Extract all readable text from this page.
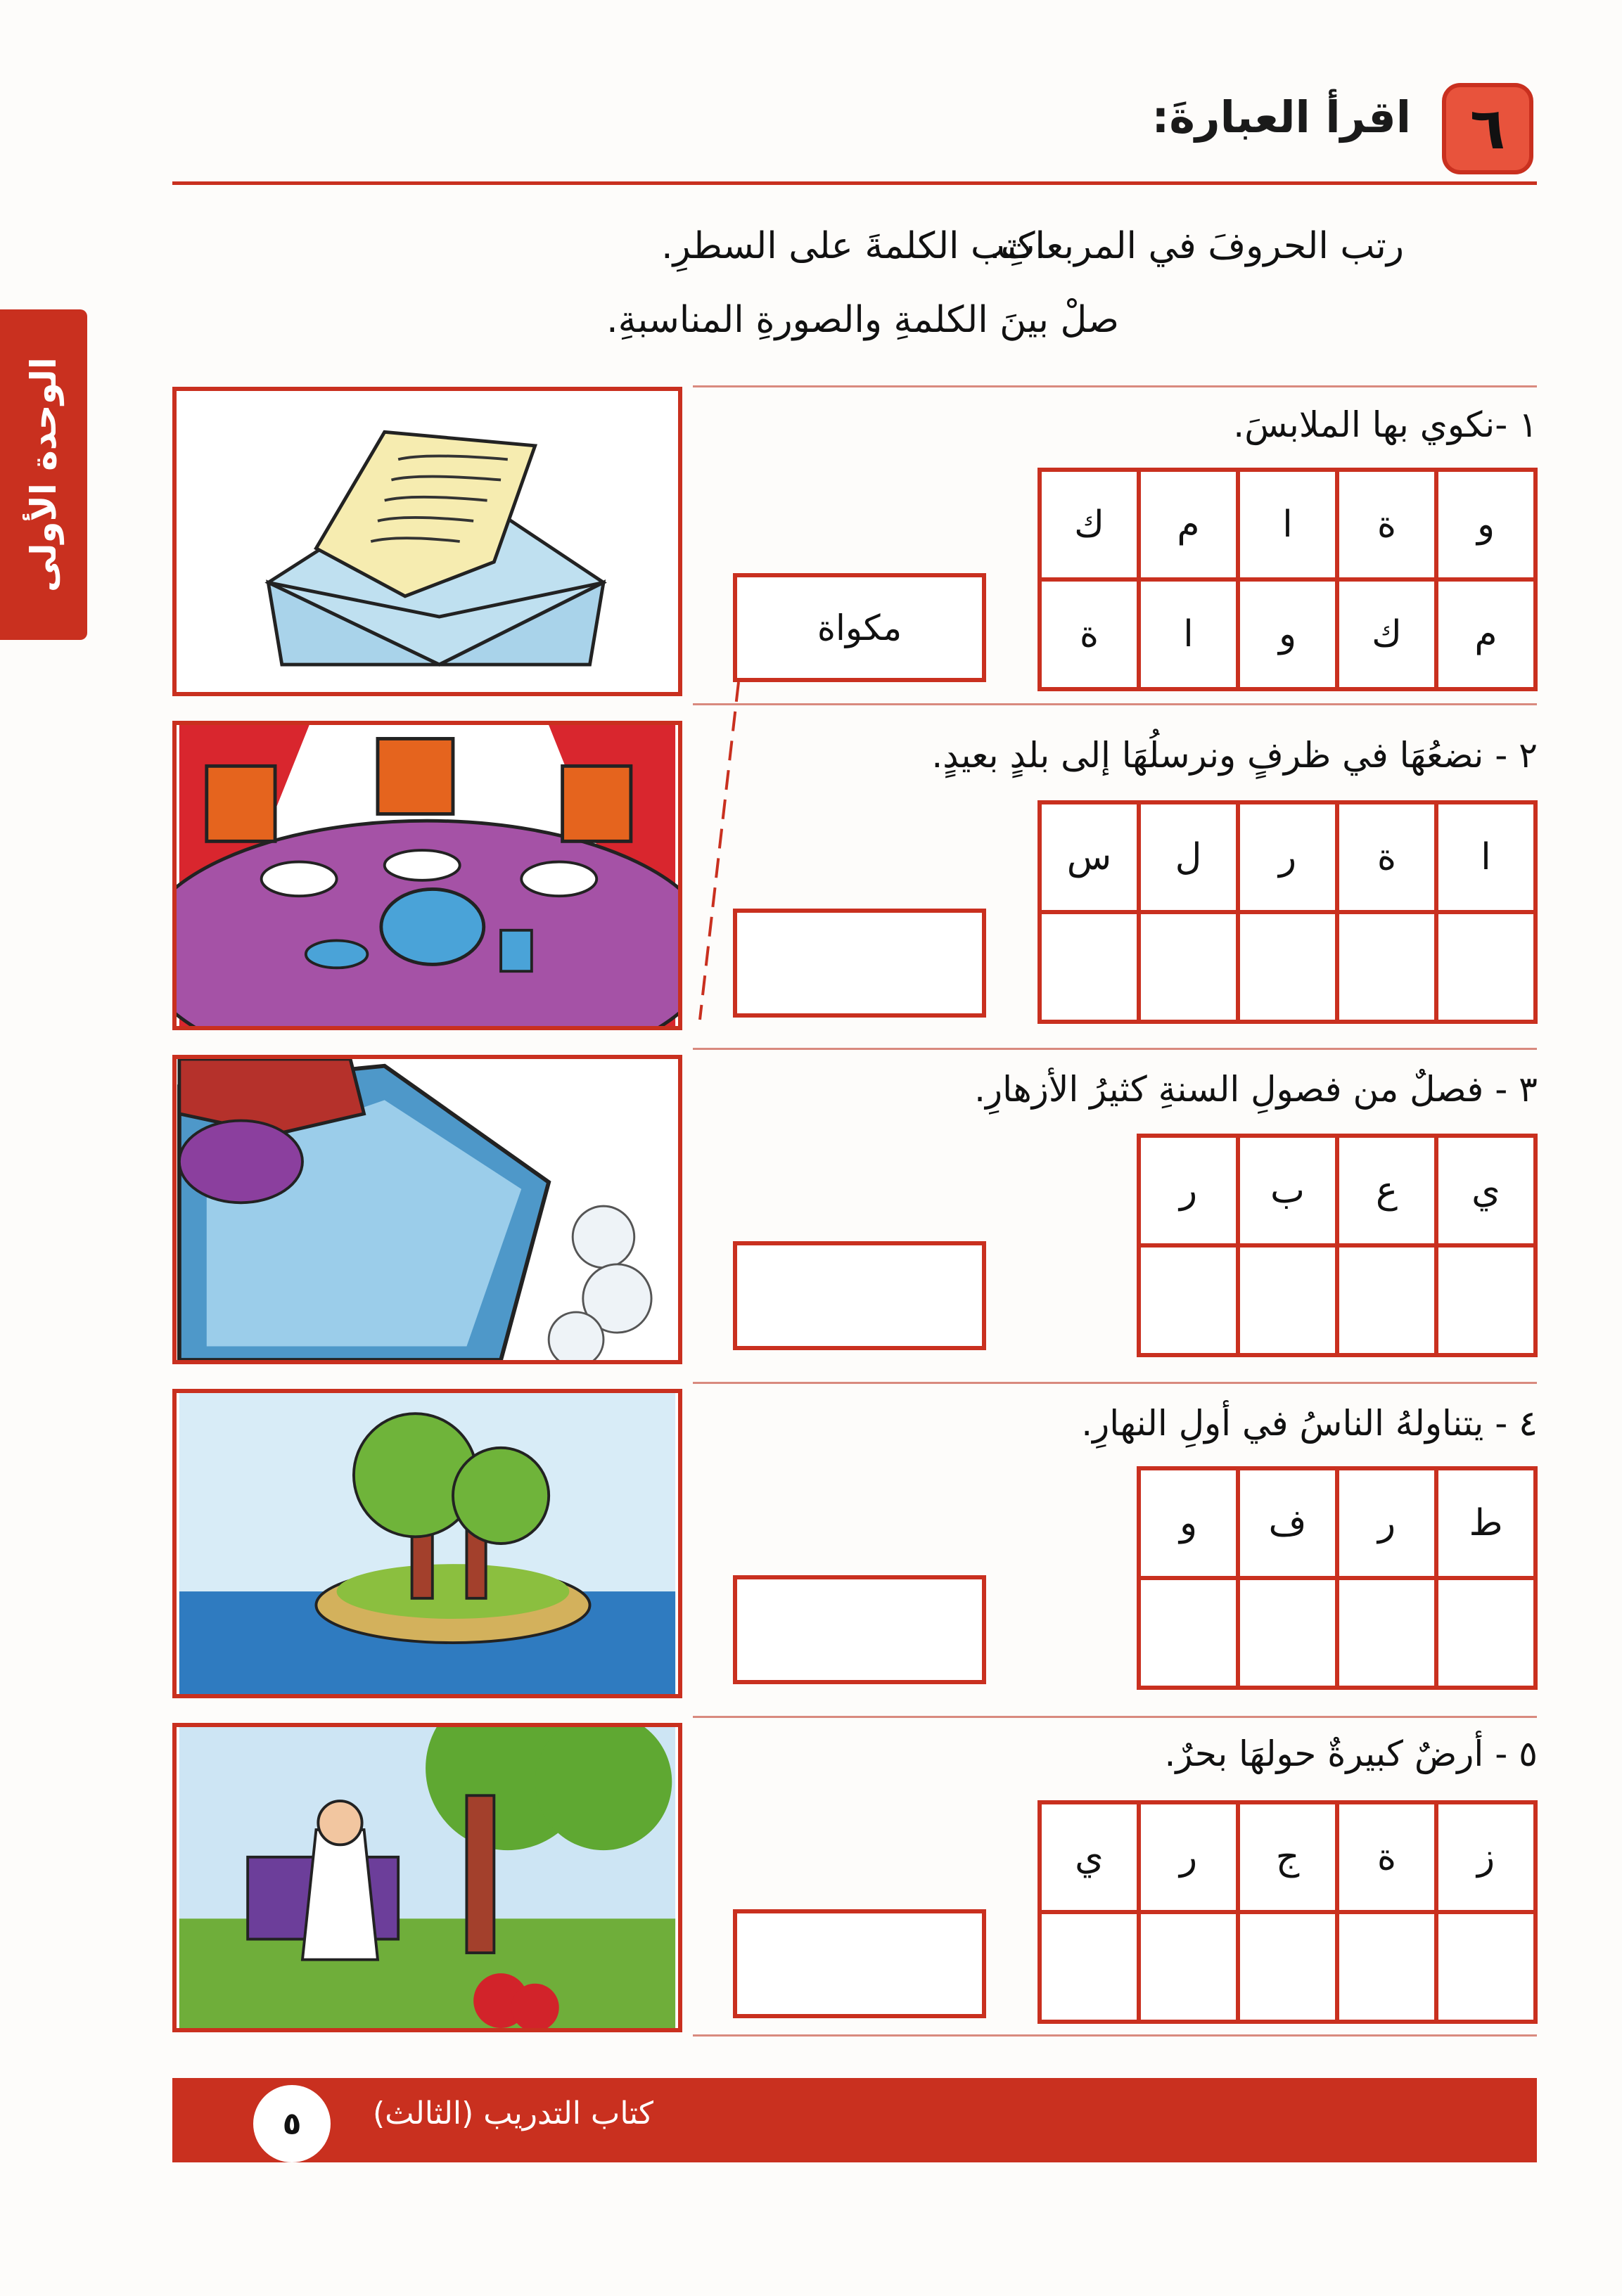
٦
اقرأ العبارةَ:
الوحدة الأولى
رتب الحروفَ في المربعاتِ.
اكتب الكلمةَ على السطرِ.
صلْ بينَ الكلمةِ والصورةِ المناسبةِ.
١ -نكوي بها الملابسَ.
و	ة	ا	م	ك
م	ك	و	ا	ة
مكواة
٢ - نضعُهَا في ظرفٍ ونرسلُهَا إلى بلدٍ بعيدٍ.
ا	ة	ر	ل	س

٣ - فصلٌ من فصولِ السنةِ كثيرُ الأزهارِ.
ي	ع	ب	ر

٤ - يتناولهُ الناسُ في أولِ النهارِ.
ط	ر	ف	و

٥ - أرضٌ كبيرةٌ حولهَا بحرٌ.
ز	ة	ج	ر	ي

٥	كتاب التدريب (الثالث)
